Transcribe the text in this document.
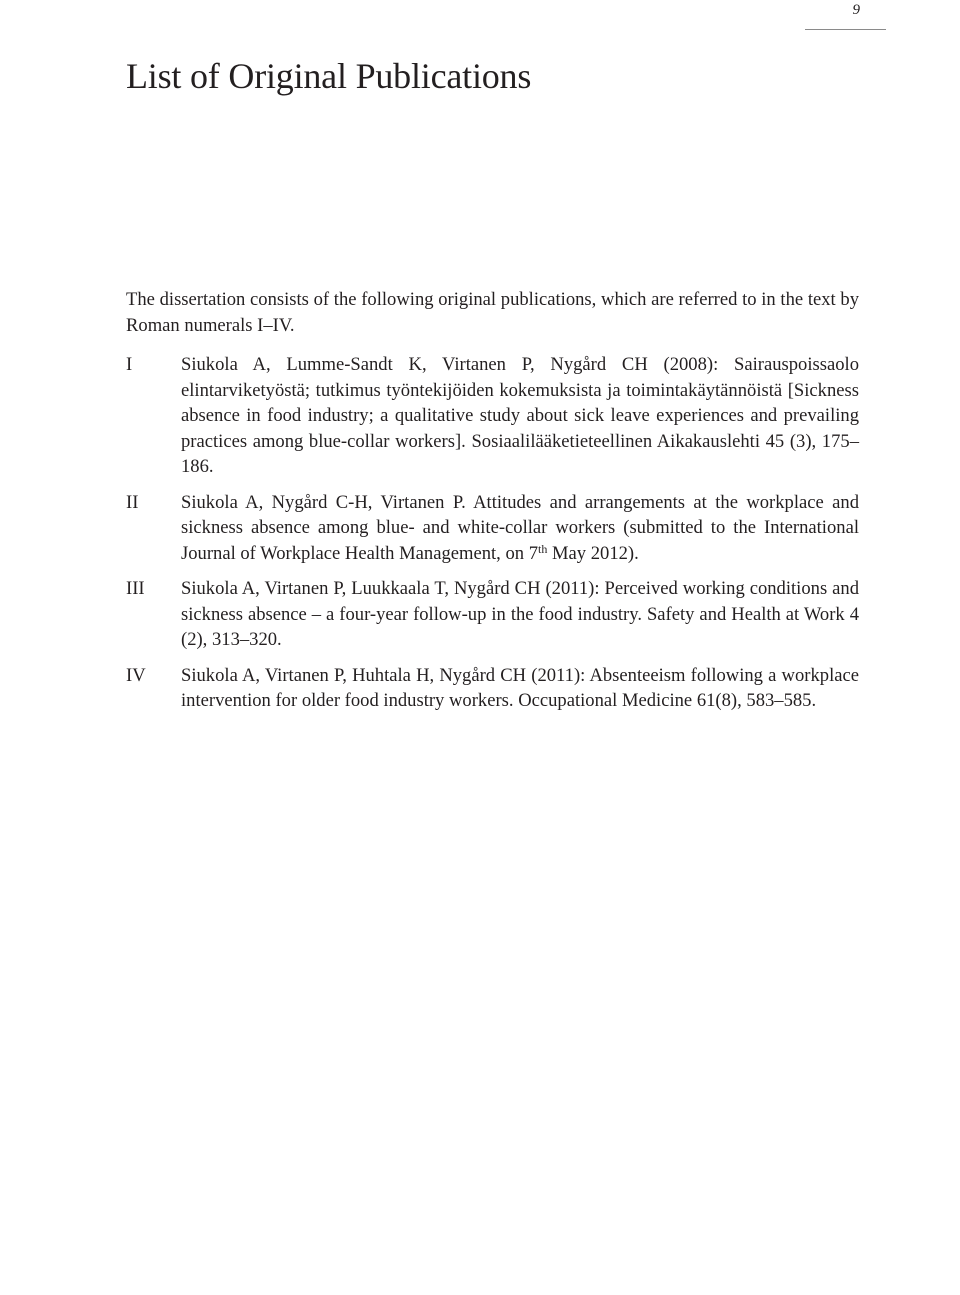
9
List of Original Publications

The dissertation consists of the following original publications, which are referred to in the text by Roman numerals I–IV.

I	Siukola A, Lumme-Sandt K, Virtanen P, Nygård CH (2008): Sairauspoissaolo elintarviketyöstä; tutkimus työntekijöiden kokemuksista ja toimintakäytännöistä [Sickness absence in food industry; a qualitative study about sick leave experiences and prevailing practices among blue-collar workers]. Sosiaalilääketieteellinen Aikakauslehti 45 (3), 175–186.
II	Siukola A, Nygård C-H, Virtanen P. Attitudes and arrangements at the workplace and sickness absence among blue- and white-collar workers (submitted to the International Journal of Workplace Health Management, on 7th May 2012).
III	Siukola A, Virtanen P, Luukkaala T, Nygård CH (2011): Perceived working conditions and sickness absence – a four-year follow-up in the food industry. Safety and Health at Work 4 (2), 313–320.
IV	Siukola A, Virtanen P, Huhtala H, Nygård CH (2011): Absenteeism following a workplace intervention for older food industry workers. Occupational Medicine 61(8), 583–585.
